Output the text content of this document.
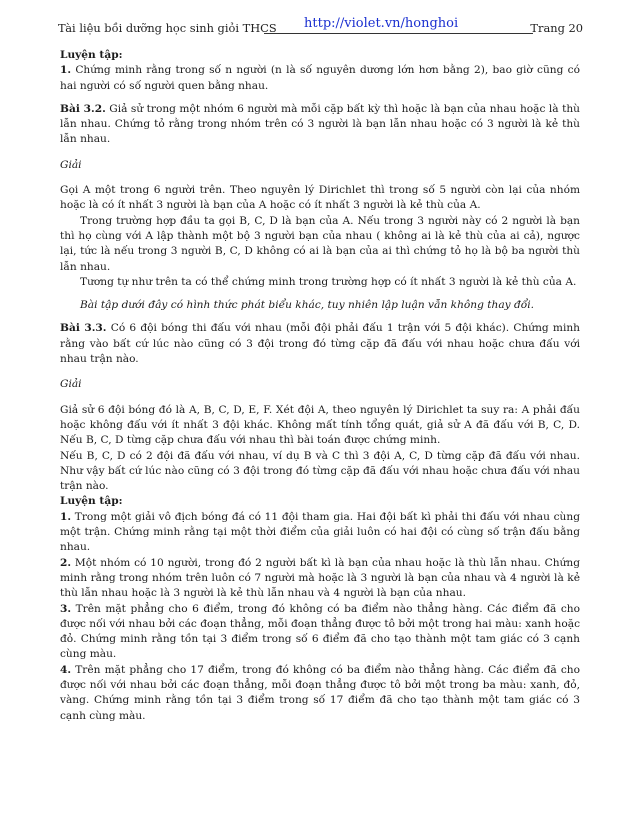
Tài liệu bồi dưỡng học sinh giỏi THCS http://violet.vn/honghoi	Trang 20

Luyện tập:

1. Chứng minh rằng trong số n người (n là số nguyên dương lớn hơn bằng 2), bao giờ cũng có hai người có số người quen bằng nhau.

Bài 3.2. Giả sử trong một nhóm 6 người mà mỗi cặp bất kỳ thì hoặc là bạn của nhau hoặc là thù lẫn nhau. Chứng tỏ rằng trong nhóm trên có 3 người là bạn lẫn nhau hoặc có 3 người là kẻ thù lẫn nhau.

Giải

Gọi A một trong 6 người trên. Theo nguyên lý Dirichlet thì trong số 5 người còn lại của nhóm hoặc là có ít nhất 3 người là bạn của A hoặc có ít nhất 3 người là kẻ thù của A.

Trong trường hợp đầu ta gọi B, C, D là bạn của A. Nếu trong 3 người này có 2 người là bạn thì họ cùng với A lập thành một bộ 3 người bạn của nhau ( không ai là kẻ thù của ai cả), ngược lại, tức là nếu trong 3 người B, C, D không có ai là bạn của ai thì chứng tỏ họ là bộ ba người thù lẫn nhau.

Tương tự như trên ta có thể chứng minh trong trường hợp có ít nhất 3 người là kẻ thù của A.

Bài tập dưới đây có hình thức phát biểu khác, tuy nhiên lập luận vẫn không thay đổi.

Bài 3.3. Có 6 đội bóng thi đấu với nhau (mỗi đội phải đấu 1 trận với 5 đội khác). Chứng minh rằng vào bất cứ lúc nào cũng có 3 đội trong đó từng cặp đã đấu với nhau hoặc chưa đấu với nhau trận nào.

Giải

Giả sử 6 đội bóng đó là A, B, C, D, E, F. Xét đội A, theo nguyên lý Dirichlet ta suy ra: A phải đấu hoặc không đấu với ít nhất 3 đội khác. Không mất tính tổng quát, giả sử A đã đấu với B, C, D. Nếu B, C, D từng cặp chưa đấu với nhau thì bài toán được chứng minh.

Nếu B, C, D có 2 đội đã đấu với nhau, ví dụ B và C thì 3 đội A, C, D từng cặp đã đấu với nhau. Như vậy bất cứ lúc nào cũng có 3 đội trong đó từng cặp đã đấu với nhau hoặc chưa đấu với nhau trận nào.

Luyện tập:

1. Trong một giải vô địch bóng đá có 11 đội tham gia. Hai đội bất kì phải thi đấu với nhau cùng một trận. Chứng minh rằng tại một thời điểm của giải luôn có hai đội có cùng số trận đấu bằng nhau.

2. Một nhóm có 10 người, trong đó 2 người bất kì là bạn của nhau hoặc là thù lẫn nhau. Chứng minh rằng trong nhóm trên luôn có 7 người mà hoặc là 3 người là bạn của nhau và 4 người là kẻ thù lẫn nhau hoặc là 3 người là kẻ thù lẫn nhau và 4 người là bạn của nhau.

3. Trên mặt phẳng cho 6 điểm, trong đó không có ba điểm nào thẳng hàng. Các điểm đã cho được nối với nhau bởi các đoạn thẳng, mỗi đoạn thẳng được tô bởi một trong hai màu: xanh hoặc đỏ. Chứng minh rằng tồn tại 3 điểm trong số 6 điểm đã cho tạo thành một tam giác có 3 cạnh cùng màu.

4. Trên mặt phẳng cho 17 điểm, trong đó không có ba điểm nào thẳng hàng. Các điểm đã cho được nối với nhau bởi các đoạn thẳng, mỗi đoạn thẳng được tô bởi một trong ba màu: xanh, đỏ, vàng. Chứng minh rằng tồn tại 3 điểm trong số 17 điểm đã cho tạo thành một tam giác có 3 cạnh cùng màu.
